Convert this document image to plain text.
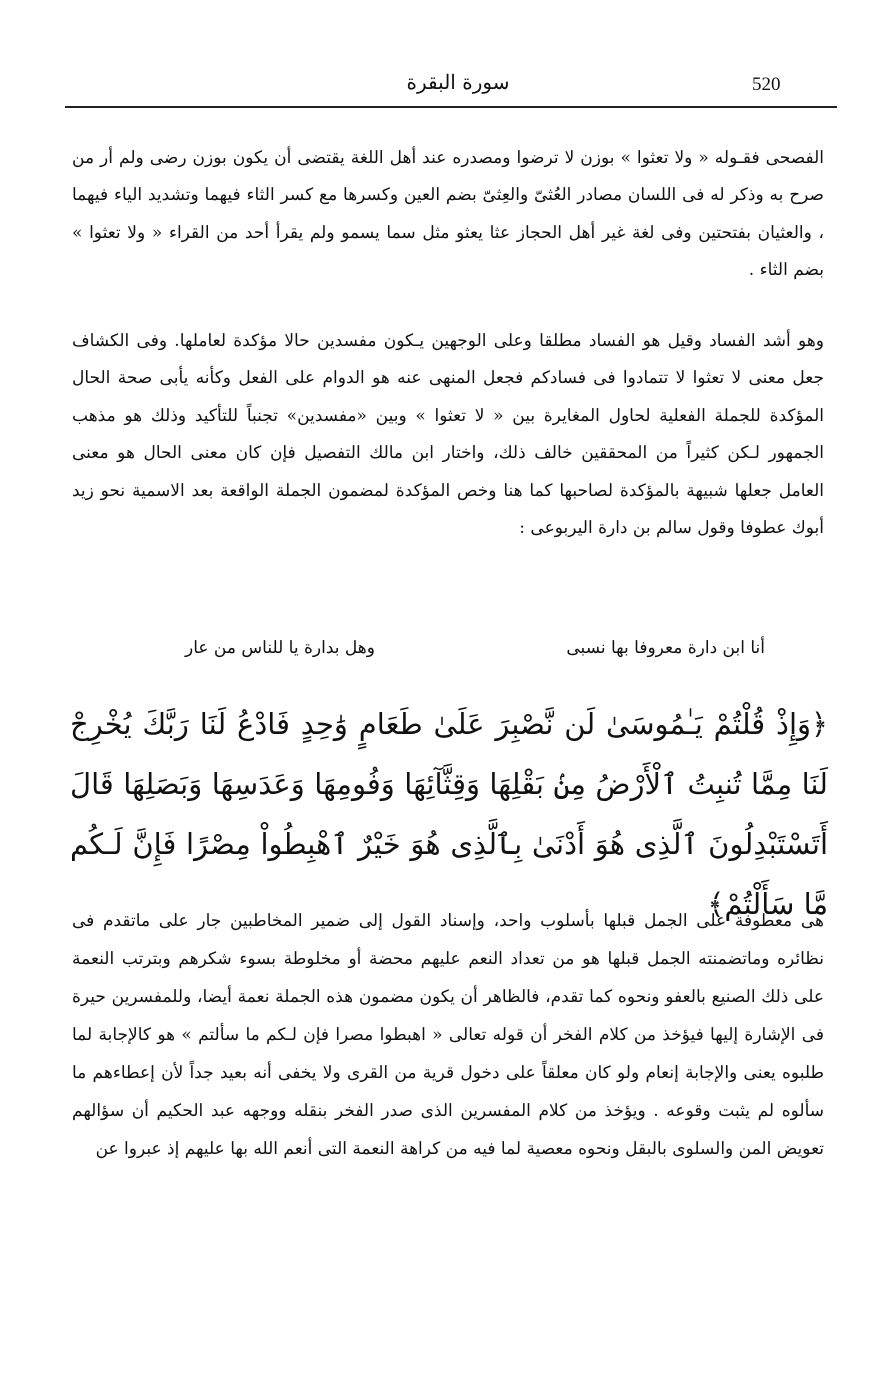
520
سورة البقرة
الفصحى فقـوله « ولا تعثوا » بوزن لا ترضوا ومصدره عند أهل اللغة يقتضى أن يكون بوزن رضى ولم أر من صرح به وذكر له فى اللسان مصادر العُثىّ والعِثىّ بضم العين وكسرها مع كسر الثاء فيهما وتشديد الياء فيهما ، والعثيان بفتحتين وفى لغة غير أهل الحجاز عثا يعثو مثل سما يسمو ولم يقرأ أحد من القراء « ولا تعثوا » بضم الثاء .
وهو أشد الفساد وقيل هو الفساد مطلقا وعلى الوجهين يـكون مفسدين حالا مؤكدة لعاملها. وفى الكشاف جعل معنى لا تعثوا لا تتمادوا فى فسادكم فجعل المنهى عنه هو الدوام على الفعل وكأنه يأبى صحة الحال المؤكدة للجملة الفعلية لحاول المغايرة بين « لا تعثوا » وبين «مفسدين» تجنباً للتأكيد وذلك هو مذهب الجمهور لـكن كثيراً من المحققين خالف ذلك، واختار ابن مالك التفصيل فإن كان معنى الحال هو معنى العامل جعلها شبيهة بالمؤكدة لصاحبها كما هنا وخص المؤكدة لمضمون الجملة الواقعة بعد الاسمية نحو زيد أبوك عطوفا وقول سالم بن دارة اليربوعى :
أنا ابن دارة معروفا بها نسبى
وهل بدارة يا للناس من عار
﴿وَإِذْ قُلْتُمْ يَـٰمُوسَىٰ لَن نَّصْبِرَ عَلَىٰ طَعَامٍ وَٰحِدٍ فَادْعُ لَنَا رَبَّكَ يُخْرِجْ لَنَا مِمَّا تُنبِتُ ٱلْأَرْضُ مِنۢ بَقْلِهَا وَقِثَّآئِهَا وَفُومِهَا وَعَدَسِهَا وَبَصَلِهَا قَالَ أَتَسْتَبْدِلُونَ ٱلَّذِى هُوَ أَدْنَىٰ بِٱلَّذِى هُوَ خَيْرٌ ٱهْبِطُواْ مِصْرًا فَإِنَّ لَـكُم مَّا سَأَلْتُمْ﴾
هى معطوفة على الجمل قبلها بأسلوب واحد، وإسناد القول إلى ضمير المخاطبين جار على ماتقدم فى نظائره وماتضمنته الجمل قبلها هو من تعداد النعم عليهم محضة أو مخلوطة بسوء شكرهم وبترتب النعمة على ذلك الصنيع بالعفو ونحوه كما تقدم، فالظاهر أن يكون مضمون هذه الجملة نعمة أيضا، وللمفسرين حيرة فى الإشارة إليها فيؤخذ من كلام الفخر أن قوله تعالى « اهبطوا مصرا فإن لـكم ما سألتم » هو كالإجابة لما طلبوه يعنى والإجابة إنعام ولو كان معلقاً على دخول قرية من القرى ولا يخفى أنه بعيد جداً لأن إعطاءهم ما سألوه لم يثبت وقوعه . ويؤخذ من كلام المفسرين الذى صدر الفخر بنقله ووجهه عبد الحكيم أن سؤالهم تعويض المن والسلوى بالبقل ونحوه معصية لما فيه من كراهة النعمة التى أنعم الله بها عليهم إذ عبروا عن
